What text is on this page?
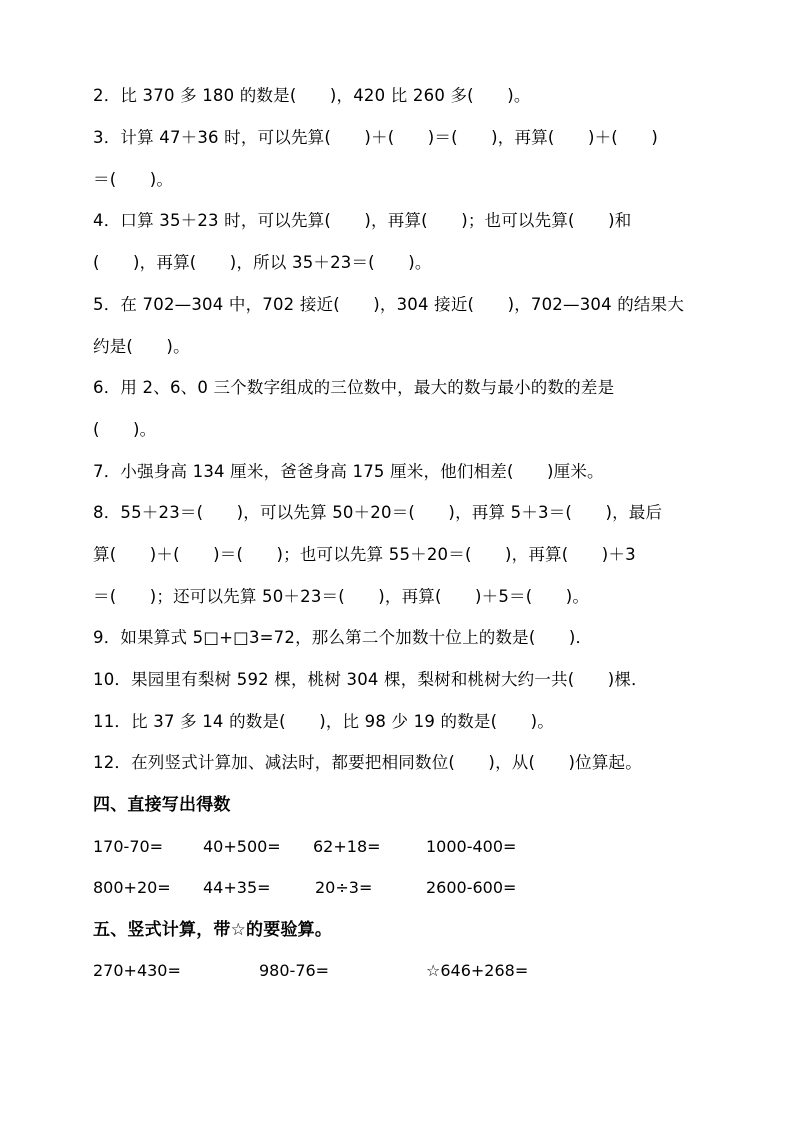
2．比 370 多 180 的数是(　　)，420 比 260 多(　　)。
3．计算 47＋36 时，可以先算(　　)＋(　　)＝(　　)，再算(　　)＋(　　)
＝(　　)。
4．口算 35＋23 时，可以先算(　　)，再算(　　)；也可以先算(　　)和
(　　)，再算(　　)，所以 35＋23＝(　　)。
5．在 702—304 中，702 接近(　　)，304 接近(　　)，702—304 的结果大
约是(　　)。
6．用 2、6、0 三个数字组成的三位数中，最大的数与最小的数的差是
(　　)。
7．小强身高 134 厘米，爸爸身高 175 厘米，他们相差(　　)厘米。
8．55＋23＝(　　)，可以先算 50＋20＝(　　)，再算 5＋3＝(　　)，最后
算(　　)＋(　　)＝(　　)；也可以先算 55＋20＝(　　)，再算(　　)＋3
＝(　　)；还可以先算 50＋23＝(　　)，再算(　　)＋5＝(　　)。
9．如果算式 5□+□3=72，那么第二个加数十位上的数是(　　)．
10．果园里有梨树 592 棵，桃树 304 棵，梨树和桃树大约一共(　　)棵．
11．比 37 多 14 的数是(　　)，比 98 少 19 的数是(　　)。
12．在列竖式计算加、减法时，都要把相同数位(　　)，从(　　)位算起。
四、直接写出得数
170-70= 40+500= 62+18=	1000-400=
800+20= 44+35=	20÷3=	2600-600=
五、竖式计算，带☆的要验算。
270+430=	980-76=	☆646+268=
